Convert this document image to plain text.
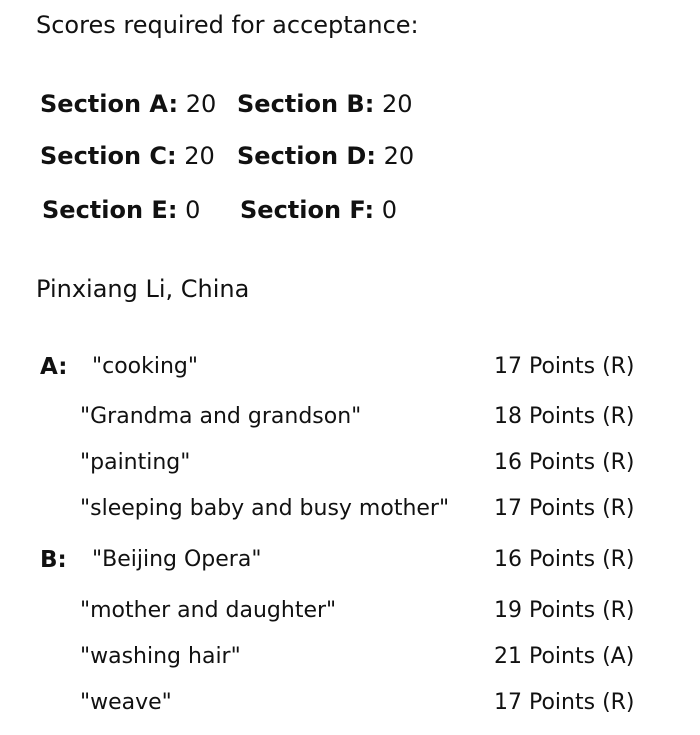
Scores required for acceptance:
Section A: 20 Section B: 20
Section C: 20 Section D: 20
Section E: 0 Section F: 0
Pinxiang Li, China
A: "cooking"	17 Points (R)
"Grandma and grandson"	18 Points (R)
"painting"	16 Points (R)
"sleeping baby and busy mother" 17 Points (R)
B: "Beijing Opera"	16 Points (R)
"mother and daughter"	19 Points (R)
"washing hair"	21 Points (A)
"weave"	17 Points (R)
